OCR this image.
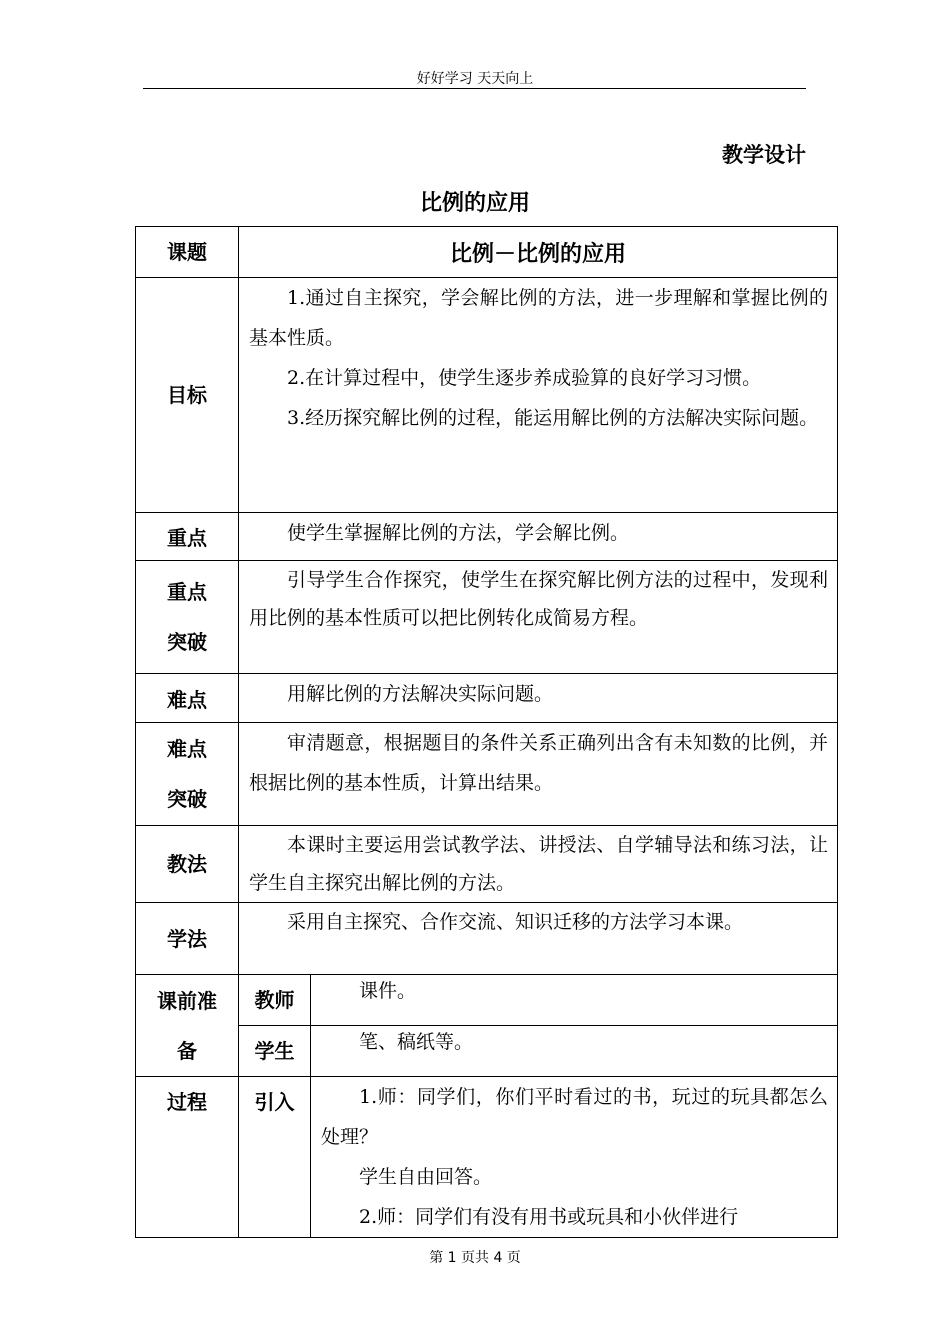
好好学习 天天向上
教学设计
比例的应用
课题	比例－比例的应用	
目标	1.通过自主探究，学会解比例的方法，进一步理解和掌握比例的基本性质。

2.在计算过程中，使学生逐步养成验算的良好学习习惯。

3.经历探究解比例的过程，能运用解比例的方法解决实际问题。	

重点	使学生掌握解比例的方法，学会解比例。	

重点
突破	引导学生合作探究，使学生在探究解比例方法的过程中，发现利用比例的基本性质可以把比例转化成简易方程。	

难点	用解比例的方法解决实际问题。	

难点
突破	审清题意，根据题目的条件关系正确列出含有未知数的比例，并根据比例的基本性质，计算出结果。	

教法	本课时主要运用尝试教学法、讲授法、自学辅导法和练习法，让学生自主探究出解比例的方法。	

学法	采用自主探究、合作交流、知识迁移的方法学习本课。	

课前准
备	教师	课件。

	学生	笔、稿纸等。

过程	引入	1.师：同学们，你们平时看过的书，玩过的玩具都怎么处理？

学生自由回答。

2.师：同学们有没有用书或玩具和小伙伴进行

第 1 页共 4 页
